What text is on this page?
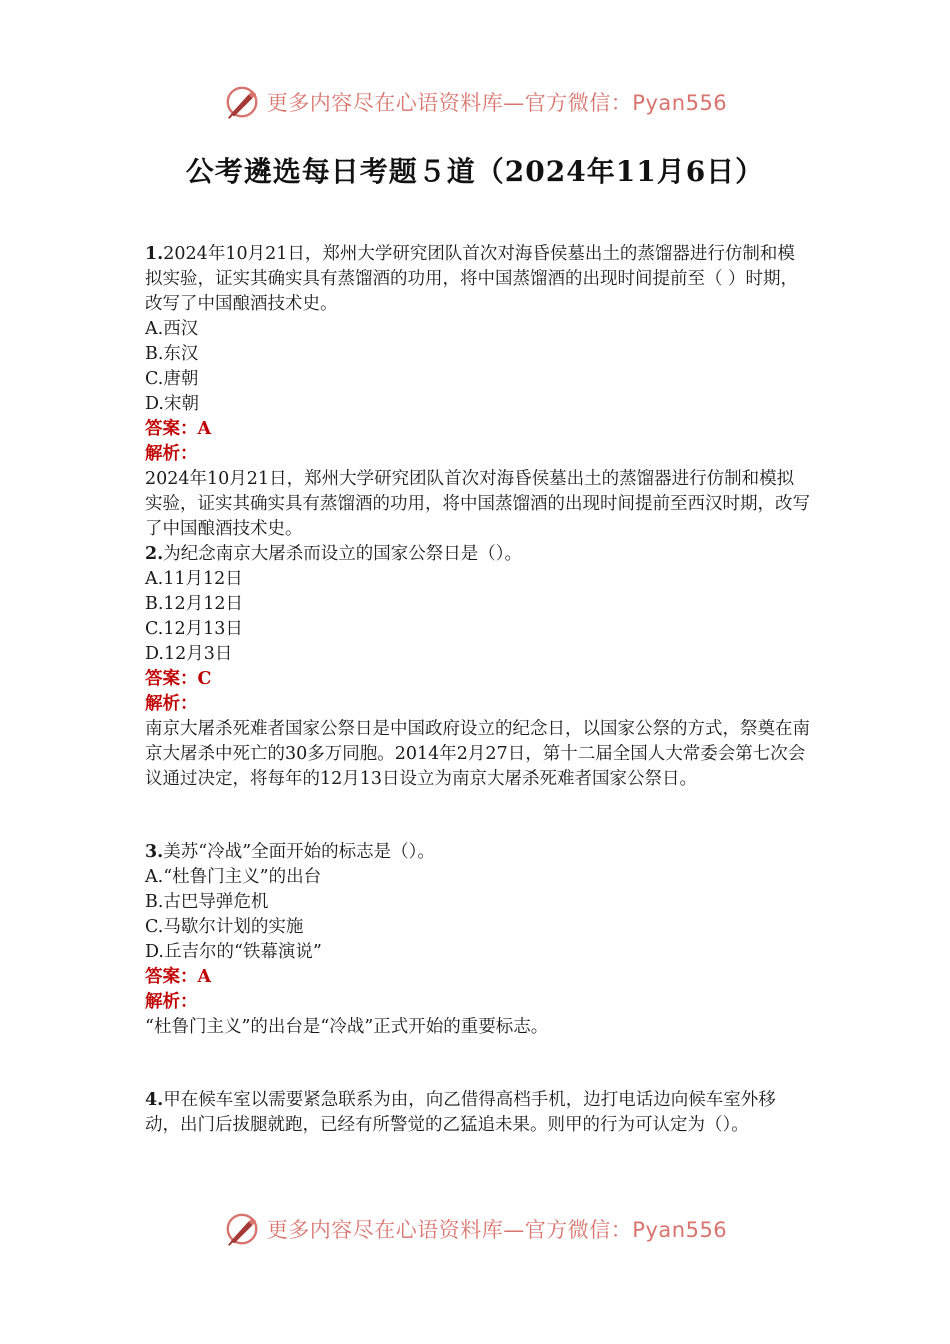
更多内容尽在心语资料库—官方微信：Pyan556
公考遴选每日考题５道（2024年11月6日）

1.2024年10月21日，郑州大学研究团队首次对海昏侯墓出土的蒸馏器进行仿制和模拟实验，证实其确实具有蒸馏酒的功用，将中国蒸馏酒的出现时间提前至（ ）时期，改写了中国酿酒技术史。

A.西汉

B.东汉

C.唐朝

D.宋朝

答案：A

解析：

2024年10月21日，郑州大学研究团队首次对海昏侯墓出土的蒸馏器进行仿制和模拟实验，证实其确实具有蒸馏酒的功用，将中国蒸馏酒的出现时间提前至西汉时期，改写了中国酿酒技术史。

2.为纪念南京大屠杀而设立的国家公祭日是（）。

A.11月12日

B.12月12日

C.12月13日

D.12月3日

答案：C

解析：

南京大屠杀死难者国家公祭日是中国政府设立的纪念日，以国家公祭的方式，祭奠在南京大屠杀中死亡的30多万同胞。2014年2月27日，第十二届全国人大常委会第七次会议通过决定，将每年的12月13日设立为南京大屠杀死难者国家公祭日。

3.美苏“冷战”全面开始的标志是（）。

A.“杜鲁门主义”的出台

B.古巴导弹危机

C.马歇尔计划的实施

D.丘吉尔的“铁幕演说”

答案：A

解析：

“杜鲁门主义”的出台是“冷战”正式开始的重要标志。

4.甲在候车室以需要紧急联系为由，向乙借得高档手机，边打电话边向候车室外移动，出门后拔腿就跑，已经有所警觉的乙猛追未果。则甲的行为可认定为（）。

更多内容尽在心语资料库—官方微信：Pyan556
